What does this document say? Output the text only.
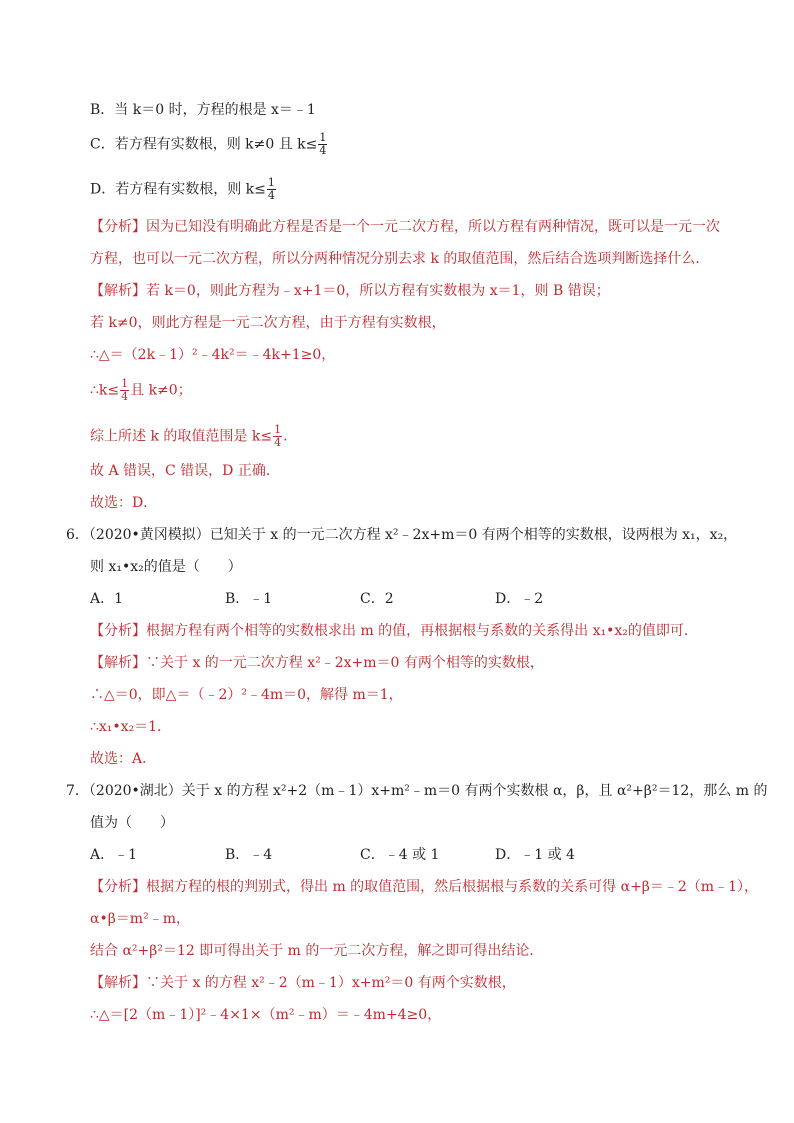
B．当 k＝0 时，方程的根是 x＝﹣1
C．若方程有实数根，则 k≠0 且 $k\le \frac{1}{4}$
D．若方程有实数根，则 $k\le \frac{1}{4}$
【分析】因为已知没有明确此方程是否是一个一元二次方程，所以方程有两种情况，既可以是一元一次
方程，也可以一元二次方程，所以分两种情况分别去求 k 的取值范围，然后结合选项判断选择什么．
【解析】若 k＝0，则此方程为﹣x+1＝0，所以方程有实数根为 x＝1，则 B 错误；
若 k≠0，则此方程是一元二次方程，由于方程有实数根，
∴△＝（2k﹣1）²﹣4k²＝﹣4k+1≥0，
∴k≤ $\frac{1}{4}$ 且 k≠0；
综上所述 k 的取值范围是 $k\le \frac{1}{4}$ ．
故 A 错误，C 错误，D 正确．
故选：D．
6．（2020•黄冈模拟）已知关于 x 的一元二次方程 x²﹣2x+m＝0 有两个相等的实数根，设两根为 x₁，x₂，
则 x₁•x₂的值是（　　）
A．1	B．﹣1	C．2	D．﹣2
【分析】根据方程有两个相等的实数根求出 m 的值，再根据根与系数的关系得出 x₁•x₂的值即可．
【解析】∵关于 x 的一元二次方程 x²﹣2x+m＝0 有两个相等的实数根，
∴△＝0，即△＝（﹣2）²﹣4m＝0，解得 m＝1，
∴x₁•x₂＝1．
故选：A．
7．（2020•湖北）关于 x 的方程 x²+2（m﹣1）x+m²﹣m＝0 有两个实数根 α，β，且 α²+β²＝12，那么 m 的
值为（　　）
A．﹣1	B．﹣4	C．﹣4 或 1	D．﹣1 或 4
【分析】根据方程的根的判别式，得出 m 的取值范围，然后根据根与系数的关系可得 α+β＝﹣2（m﹣1），
α•β＝m²﹣m，
结合 α²+β²＝12 即可得出关于 m 的一元二次方程，解之即可得出结论．
【解析】∵关于 x 的方程 x²﹣2（m﹣1）x+m²＝0 有两个实数根，
∴△＝[2（m﹣1）]²﹣4×1×（m²﹣m）＝﹣4m+4≥0，
